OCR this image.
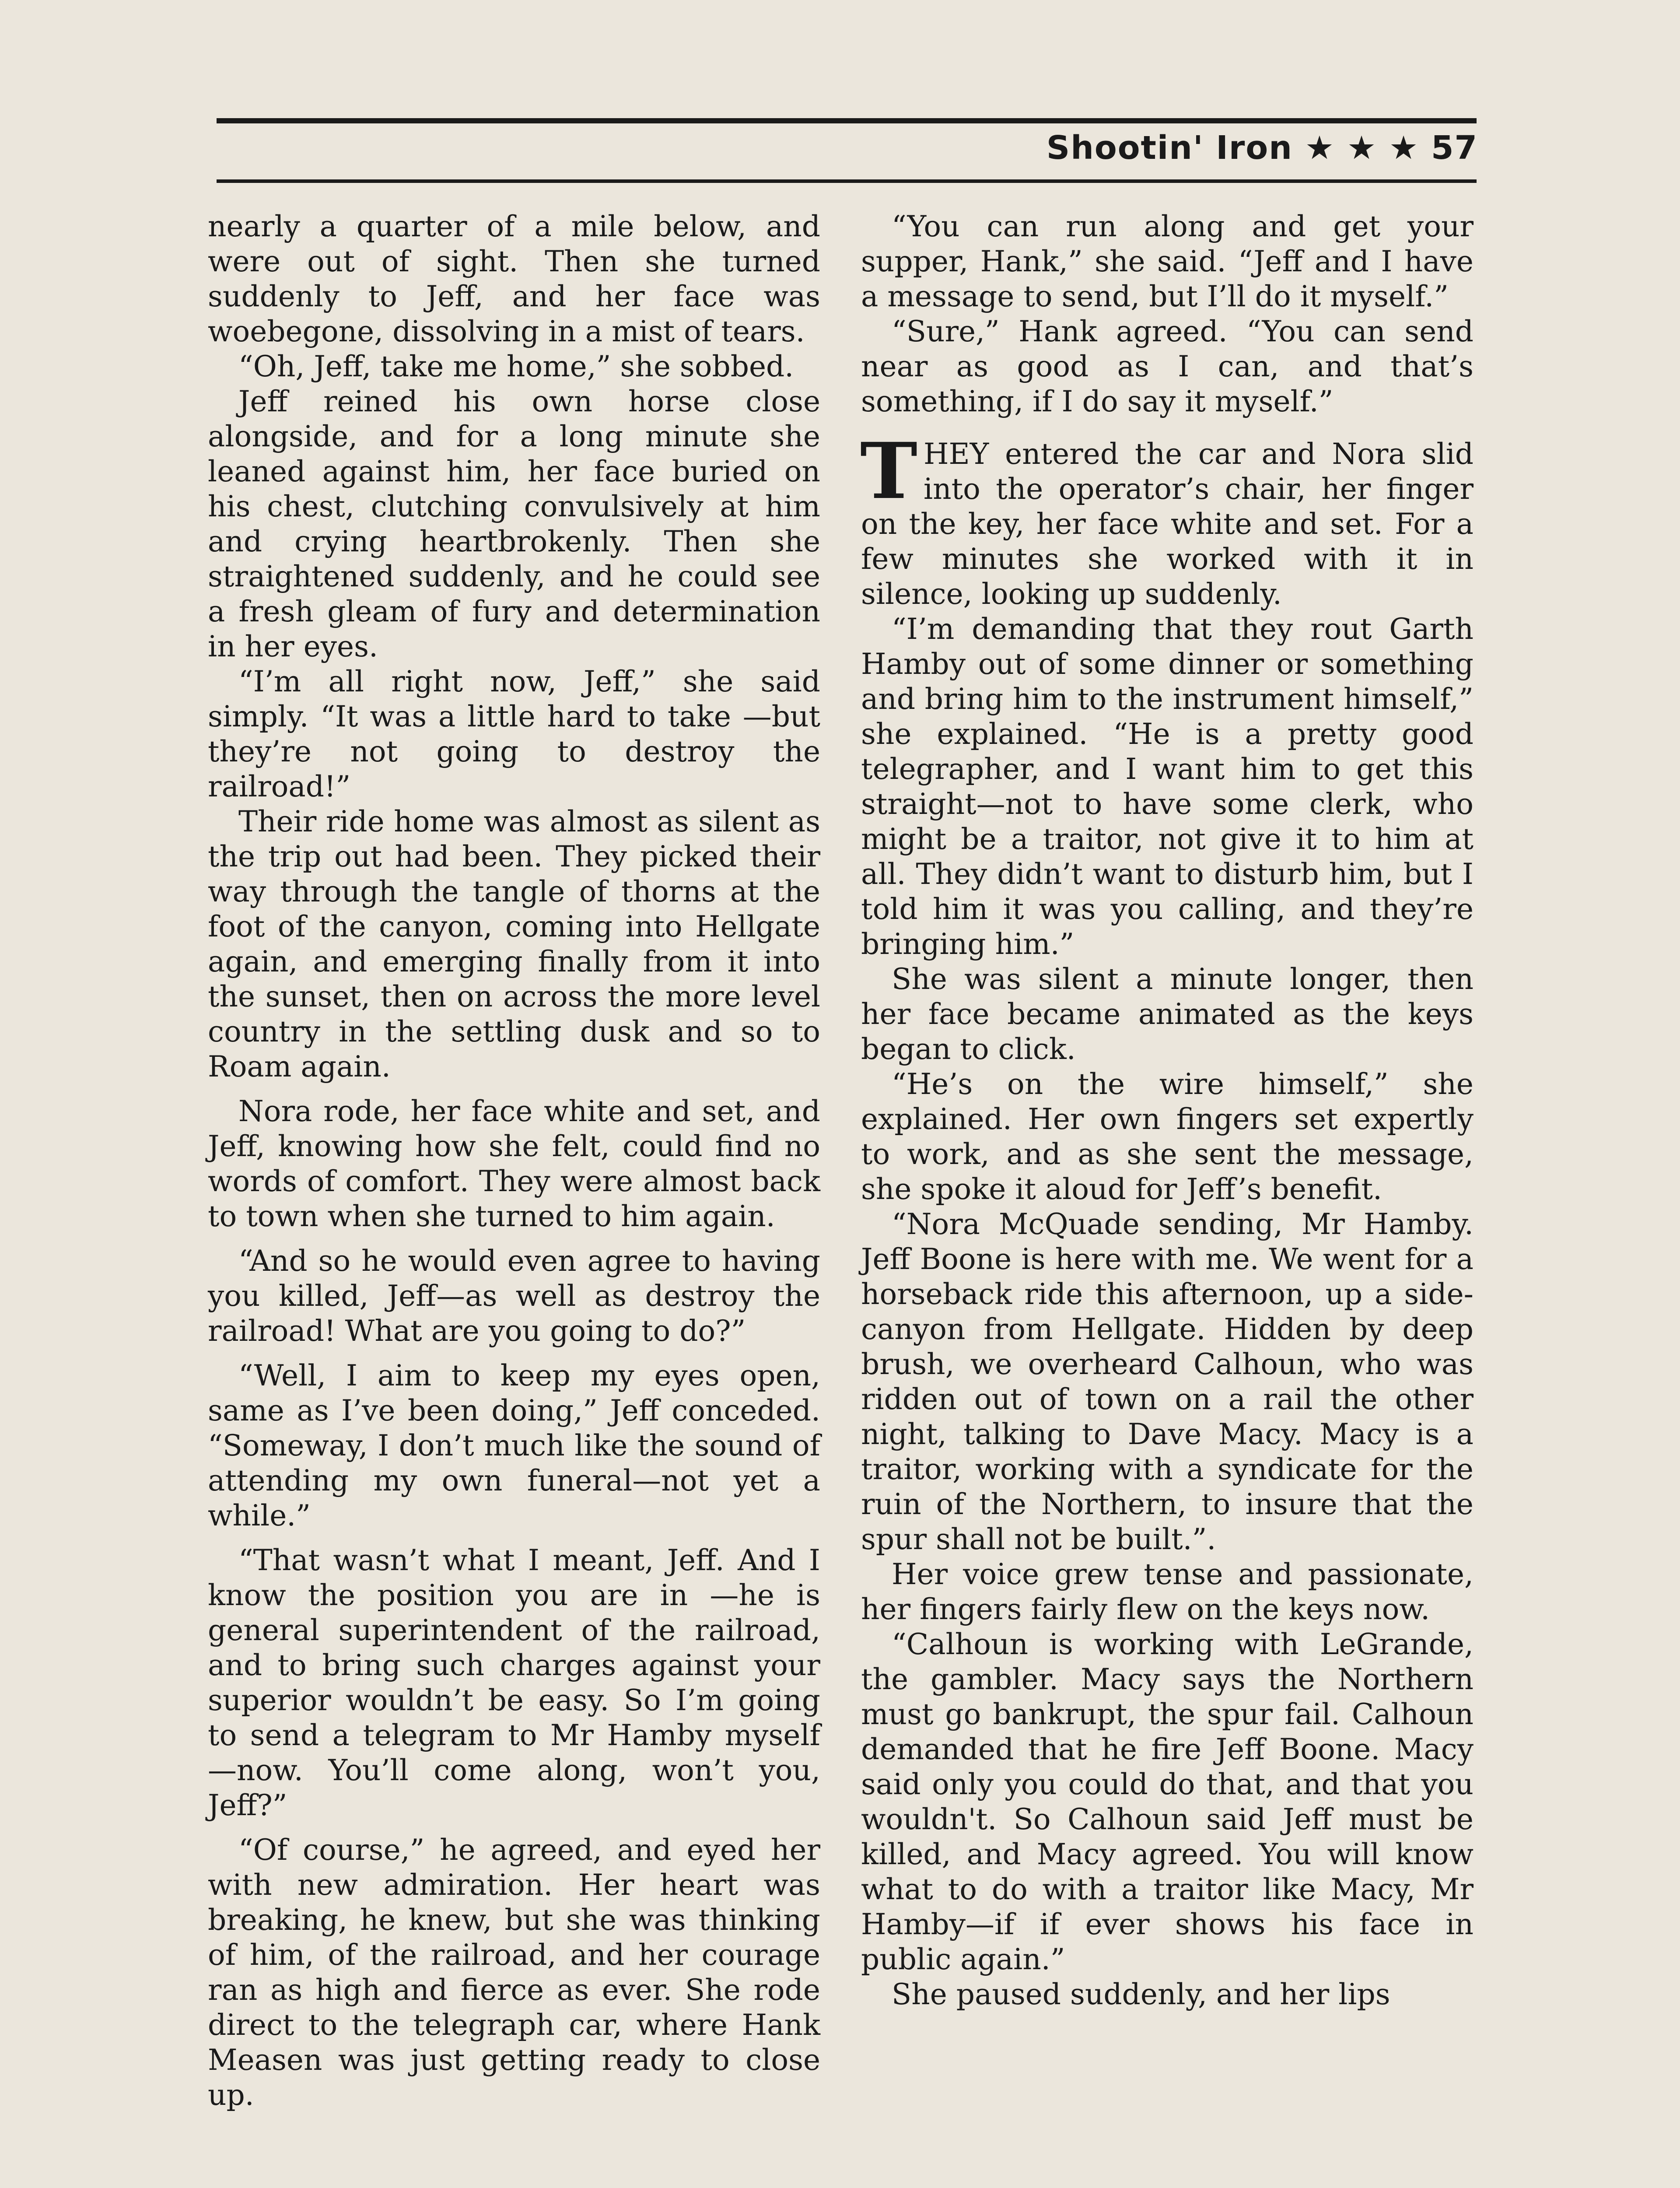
Shootin' Iron ★ ★ ★ 57

nearly a quarter of a mile below, and were out of sight. Then she turned suddenly to Jeff, and her face was woebegone, dissolving in a mist of tears.

“Oh, Jeff, take me home,” she sobbed.

Jeff reined his own horse close alongside, and for a long minute she leaned against him, her face buried on his chest, clutching convulsively at him and crying heartbrokenly. Then she straightened suddenly, and he could see a fresh gleam of fury and determination in her eyes.

“I’m all right now, Jeff,” she said simply. “It was a little hard to take —but they’re not going to destroy the railroad!”

Their ride home was almost as silent as the trip out had been. They picked their way through the tangle of thorns at the foot of the canyon, coming into Hellgate again, and emerging finally from it into the sunset, then on across the more level country in the settling dusk and so to Roam again.

Nora rode, her face white and set, and Jeff, knowing how she felt, could find no words of comfort. They were almost back to town when she turned to him again.

“And so he would even agree to having you killed, Jeff—as well as destroy the railroad! What are you going to do?”

“Well, I aim to keep my eyes open, same as I’ve been doing,” Jeff conceded. “Someway, I don’t much like the sound of attending my own funeral—not yet a while.”

“That wasn’t what I meant, Jeff. And I know the position you are in —he is general superintendent of the railroad, and to bring such charges against your superior wouldn’t be easy. So I’m going to send a telegram to Mr Hamby myself—now. You’ll come along, won’t you, Jeff?”

“Of course,” he agreed, and eyed her with new admiration. Her heart was breaking, he knew, but she was thinking of him, of the railroad, and her courage ran as high and fierce as ever. She rode direct to the telegraph car, where Hank Measen was just getting ready to close up.

“You can run along and get your supper, Hank,” she said. “Jeff and I have a message to send, but I’ll do it myself.”

“Sure,” Hank agreed. “You can send near as good as I can, and that’s something, if I do say it myself.”

T HEY entered the car and Nora slid into the operator’s chair, her finger on the key, her face white and set. For a few minutes she worked with it in silence, looking up suddenly.

“I’m demanding that they rout Garth Hamby out of some dinner or something and bring him to the instrument himself,” she explained. “He is a pretty good telegrapher, and I want him to get this straight—not to have some clerk, who might be a traitor, not give it to him at all. They didn’t want to disturb him, but I told him it was you calling, and they’re bringing him.”

She was silent a minute longer, then her face became animated as the keys began to click.

“He’s on the wire himself,” she explained. Her own fingers set expertly to work, and as she sent the message, she spoke it aloud for Jeff’s benefit.

“Nora McQuade sending, Mr Hamby. Jeff Boone is here with me. We went for a horseback ride this afternoon, up a side-canyon from Hellgate. Hidden by deep brush, we overheard Calhoun, who was ridden out of town on a rail the other night, talking to Dave Macy. Macy is a traitor, working with a syndicate for the ruin of the Northern, to insure that the spur shall not be built.”.

Her voice grew tense and passionate, her fingers fairly flew on the keys now.

“Calhoun is working with LeGrande, the gambler. Macy says the Northern must go bankrupt, the spur fail. Calhoun demanded that he fire Jeff Boone. Macy said only you could do that, and that you wouldn't. So Calhoun said Jeff must be killed, and Macy agreed. You will know what to do with a traitor like Macy, Mr Hamby—if if ever shows his face in public again.”

She paused suddenly, and her lips
